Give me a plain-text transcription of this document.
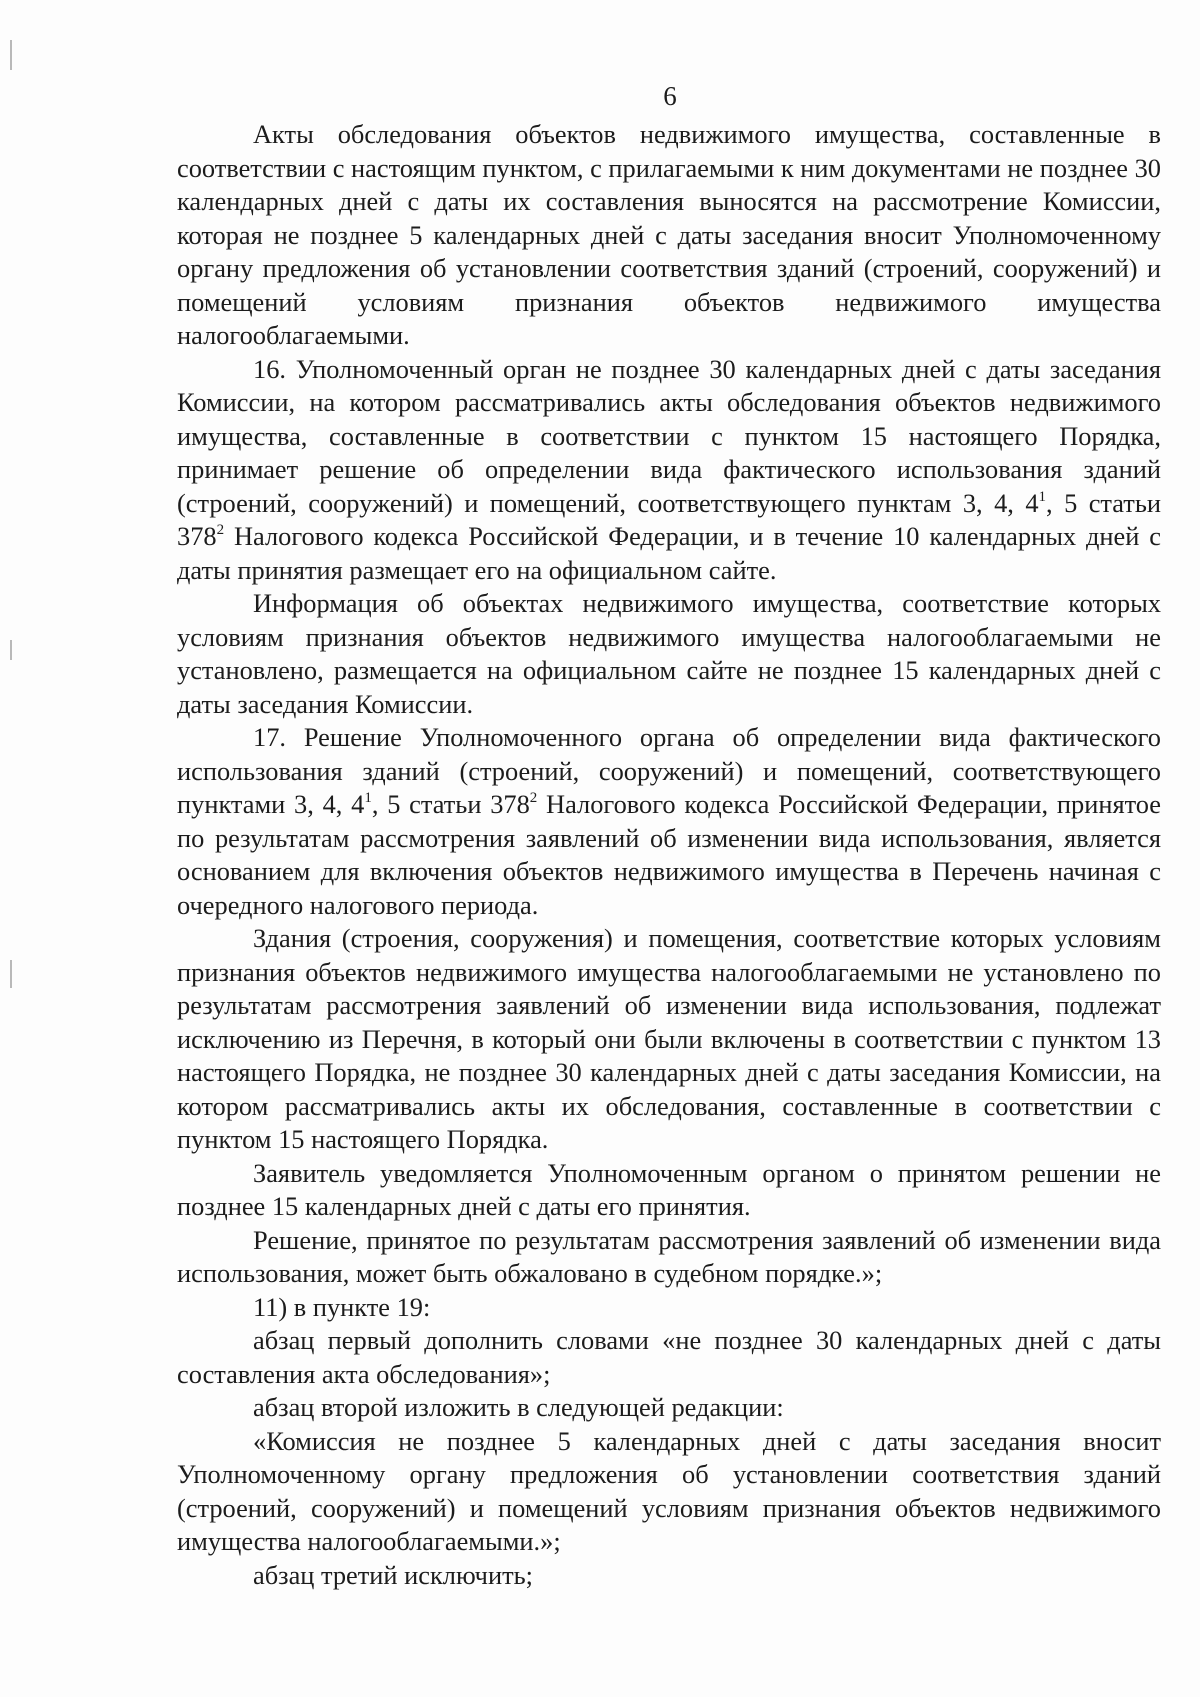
6

Акты обследования объектов недвижимого имущества, составленные в соответствии с настоящим пунктом, с прилагаемыми к ним документами не позднее 30 календарных дней с даты их составления выносятся на рассмотрение Комиссии, которая не позднее 5 календарных дней с даты заседания вносит Уполномоченному органу предложения об установлении соответствия зданий (строений, сооружений) и помещений условиям признания объектов недвижимого имущества налогооблагаемыми.

16. Уполномоченный орган не позднее 30 календарных дней с даты заседания Комиссии, на котором рассматривались акты обследования объектов недвижимого имущества, составленные в соответствии с пунктом 15 настоящего Порядка, принимает решение об определении вида фактического использования зданий (строений, сооружений) и помещений, соответствующего пунктам 3, 4, $4^1$, 5 статьи $378^2$ Налогового кодекса Российской Федерации, и в течение 10 календарных дней с даты принятия размещает его на официальном сайте.

Информация об объектах недвижимого имущества, соответствие которых условиям признания объектов недвижимого имущества налогооблагаемыми не установлено, размещается на официальном сайте не позднее 15 календарных дней с даты заседания Комиссии.

17. Решение Уполномоченного органа об определении вида фактического использования зданий (строений, сооружений) и помещений, соответствующего пунктами 3, 4, $4^1$, 5 статьи $378^2$ Налогового кодекса Российской Федерации, принятое по результатам рассмотрения заявлений об изменении вида использования, является основанием для включения объектов недвижимого имущества в Перечень начиная с очередного налогового периода.

Здания (строения, сооружения) и помещения, соответствие которых условиям признания объектов недвижимого имущества налогооблагаемыми не установлено по результатам рассмотрения заявлений об изменении вида использования, подлежат исключению из Перечня, в который они были включены в соответствии с пунктом 13 настоящего Порядка, не позднее 30 календарных дней с даты заседания Комиссии, на котором рассматривались акты их обследования, составленные в соответствии с пунктом 15 настоящего Порядка.

Заявитель уведомляется Уполномоченным органом о принятом решении не позднее 15 календарных дней с даты его принятия.

Решение, принятое по результатам рассмотрения заявлений об изменении вида использования, может быть обжаловано в судебном порядке.»;

11) в пункте 19:

абзац первый дополнить словами «не позднее 30 календарных дней с даты составления акта обследования»;

абзац второй изложить в следующей редакции:

«Комиссия не позднее 5 календарных дней с даты заседания вносит Уполномоченному органу предложения об установлении соответствия зданий (строений, сооружений) и помещений условиям признания объектов недвижимого имущества налогооблагаемыми.»;

абзац третий исключить;
